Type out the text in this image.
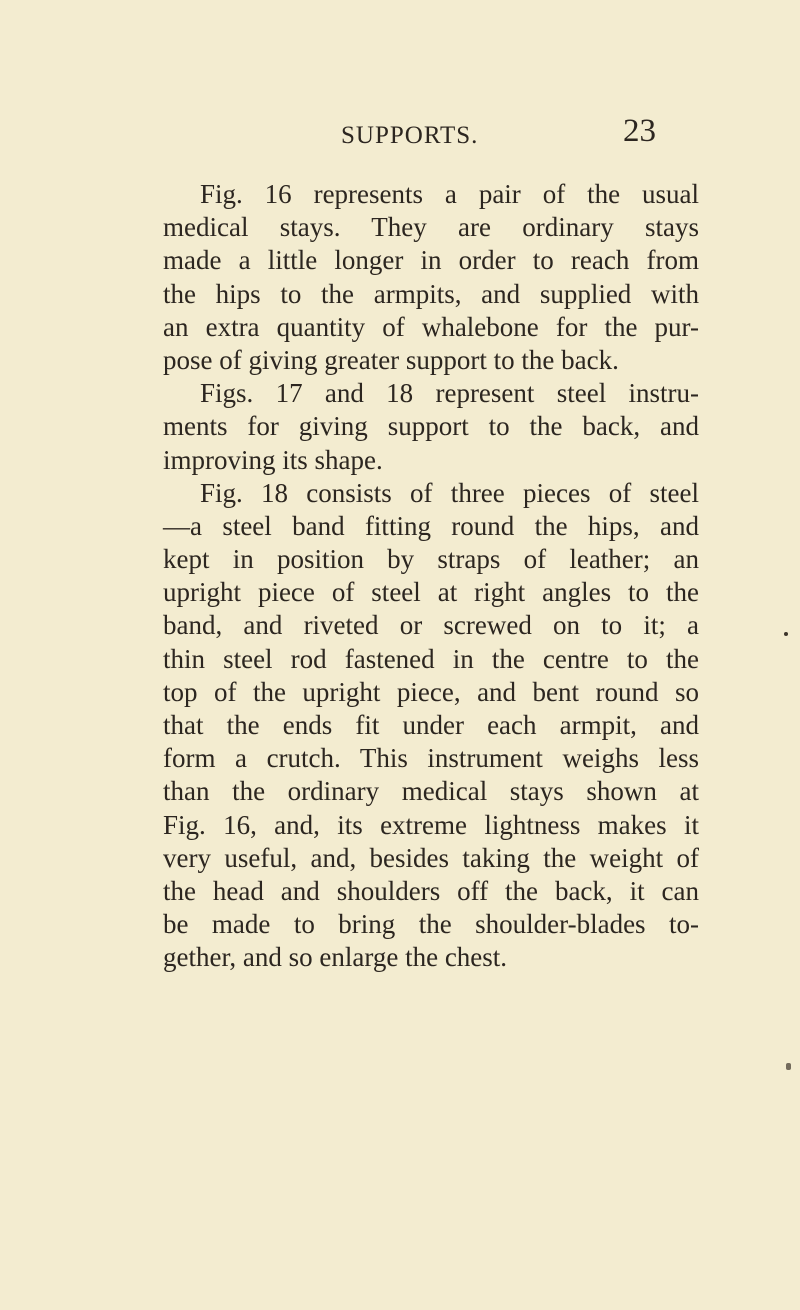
SUPPORTS.	23
Fig. 16 represents a pair of the usual
medical stays. They are ordinary stays
made a little longer in order to reach from
the hips to the armpits, and supplied with
an extra quantity of whalebone for the pur-
pose of giving greater support to the back.
Figs. 17 and 18 represent steel instru-
ments for giving support to the back, and
improving its shape.
Fig. 18 consists of three pieces of steel
—a steel band fitting round the hips, and
kept in position by straps of leather; an
upright piece of steel at right angles to the
band, and riveted or screwed on to it; a
thin steel rod fastened in the centre to the
top of the upright piece, and bent round so
that the ends fit under each armpit, and
form a crutch. This instrument weighs less
than the ordinary medical stays shown at
Fig. 16, and, its extreme lightness makes it
very useful, and, besides taking the weight of
the head and shoulders off the back, it can
be made to bring the shoulder-blades to-
gether, and so enlarge the chest.
